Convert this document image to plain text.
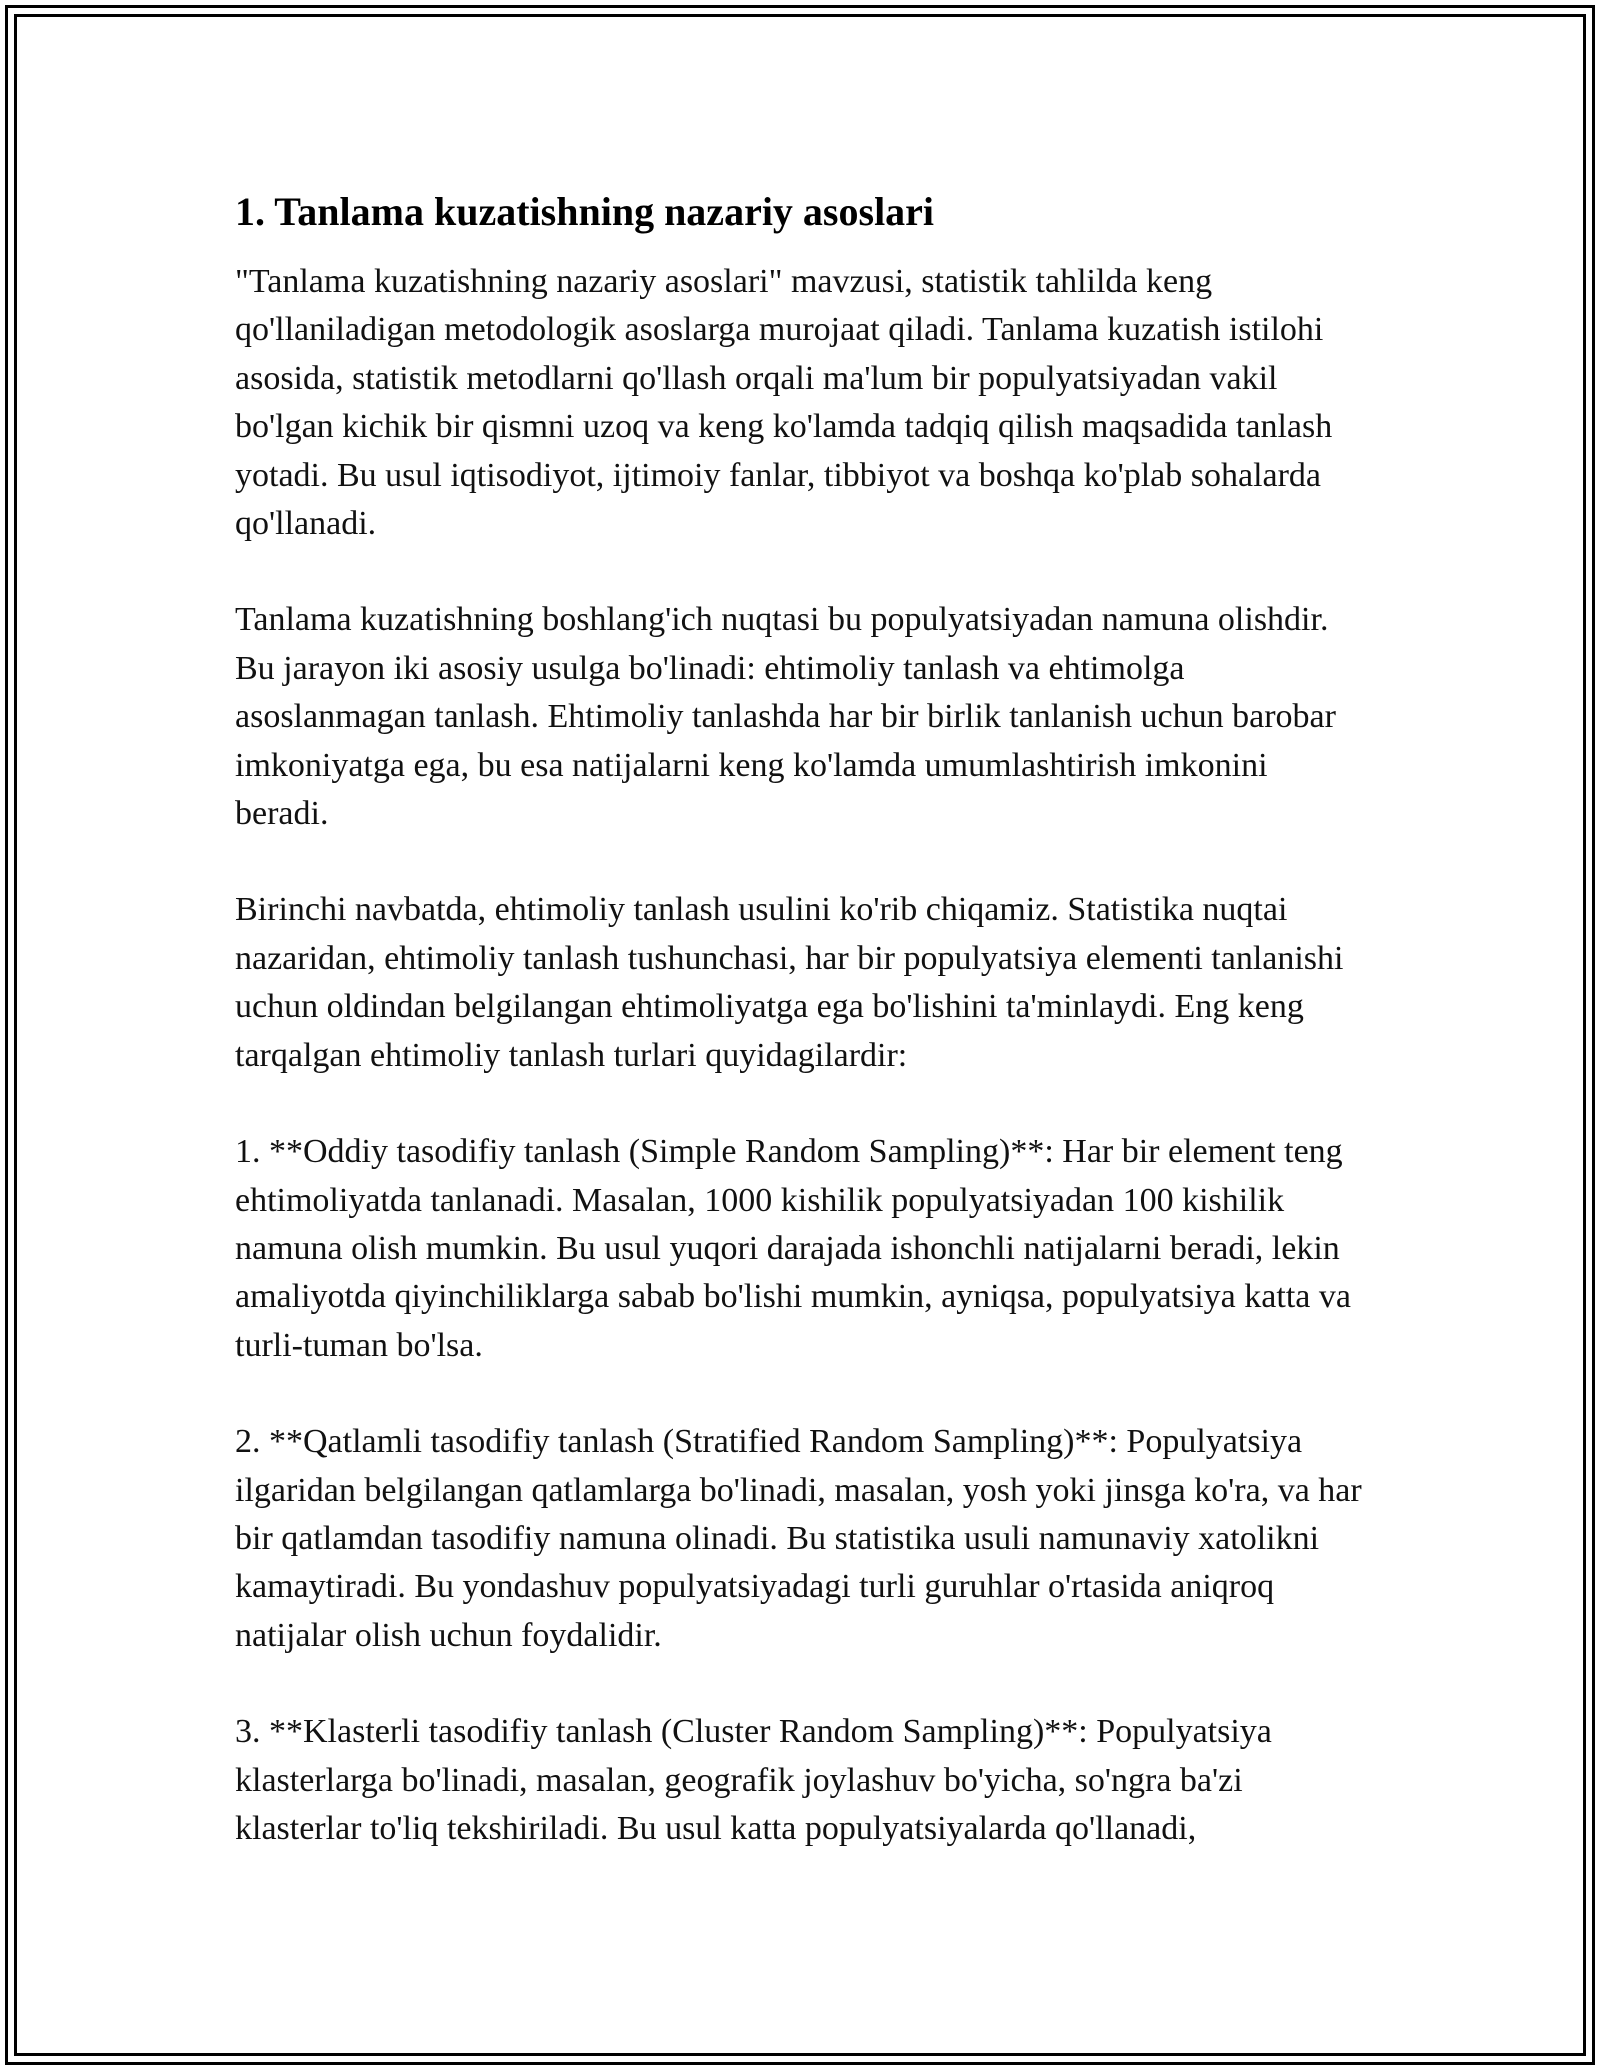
1. Tanlama kuzatishning nazariy asoslari

"Tanlama kuzatishning nazariy asoslari" mavzusi, statistik tahlilda keng qo'llaniladigan metodologik asoslarga murojaat qiladi. Tanlama kuzatish istilohi asosida, statistik metodlarni qo'llash orqali ma'lum bir populyatsiyadan vakil bo'lgan kichik bir qismni uzoq va keng ko'lamda tadqiq qilish maqsadida tanlash yotadi. Bu usul iqtisodiyot, ijtimoiy fanlar, tibbiyot va boshqa ko'plab sohalarda qo'llanadi.

Tanlama kuzatishning boshlang'ich nuqtasi bu populyatsiyadan namuna olishdir. Bu jarayon iki asosiy usulga bo'linadi: ehtimoliy tanlash va ehtimolga asoslanmagan tanlash. Ehtimoliy tanlashda har bir birlik tanlanish uchun barobar imkoniyatga ega, bu esa natijalarni keng ko'lamda umumlashtirish imkonini beradi.

Birinchi navbatda, ehtimoliy tanlash usulini ko'rib chiqamiz. Statistika nuqtai nazaridan, ehtimoliy tanlash tushunchasi, har bir populyatsiya elementi tanlanishi uchun oldindan belgilangan ehtimoliyatga ega bo'lishini ta'minlaydi. Eng keng tarqalgan ehtimoliy tanlash turlari quyidagilardir:

1. **Oddiy tasodifiy tanlash (Simple Random Sampling)**: Har bir element teng ehtimoliyatda tanlanadi. Masalan, 1000 kishilik populyatsiyadan 100 kishilik namuna olish mumkin. Bu usul yuqori darajada ishonchli natijalarni beradi, lekin amaliyotda qiyinchiliklarga sabab bo'lishi mumkin, ayniqsa, populyatsiya katta va turli-tuman bo'lsa.

2. **Qatlamli tasodifiy tanlash (Stratified Random Sampling)**: Populyatsiya ilgaridan belgilangan qatlamlarga bo'linadi, masalan, yosh yoki jinsga ko'ra, va har bir qatlamdan tasodifiy namuna olinadi. Bu statistika usuli namunaviy xatolikni kamaytiradi. Bu yondashuv populyatsiyadagi turli guruhlar o'rtasida aniqroq natijalar olish uchun foydalidir.

3. **Klasterli tasodifiy tanlash (Cluster Random Sampling)**: Populyatsiya klasterlarga bo'linadi, masalan, geografik joylashuv bo'yicha, so'ngra ba'zi klasterlar to'liq tekshiriladi. Bu usul katta populyatsiyalarda qo'llanadi,
